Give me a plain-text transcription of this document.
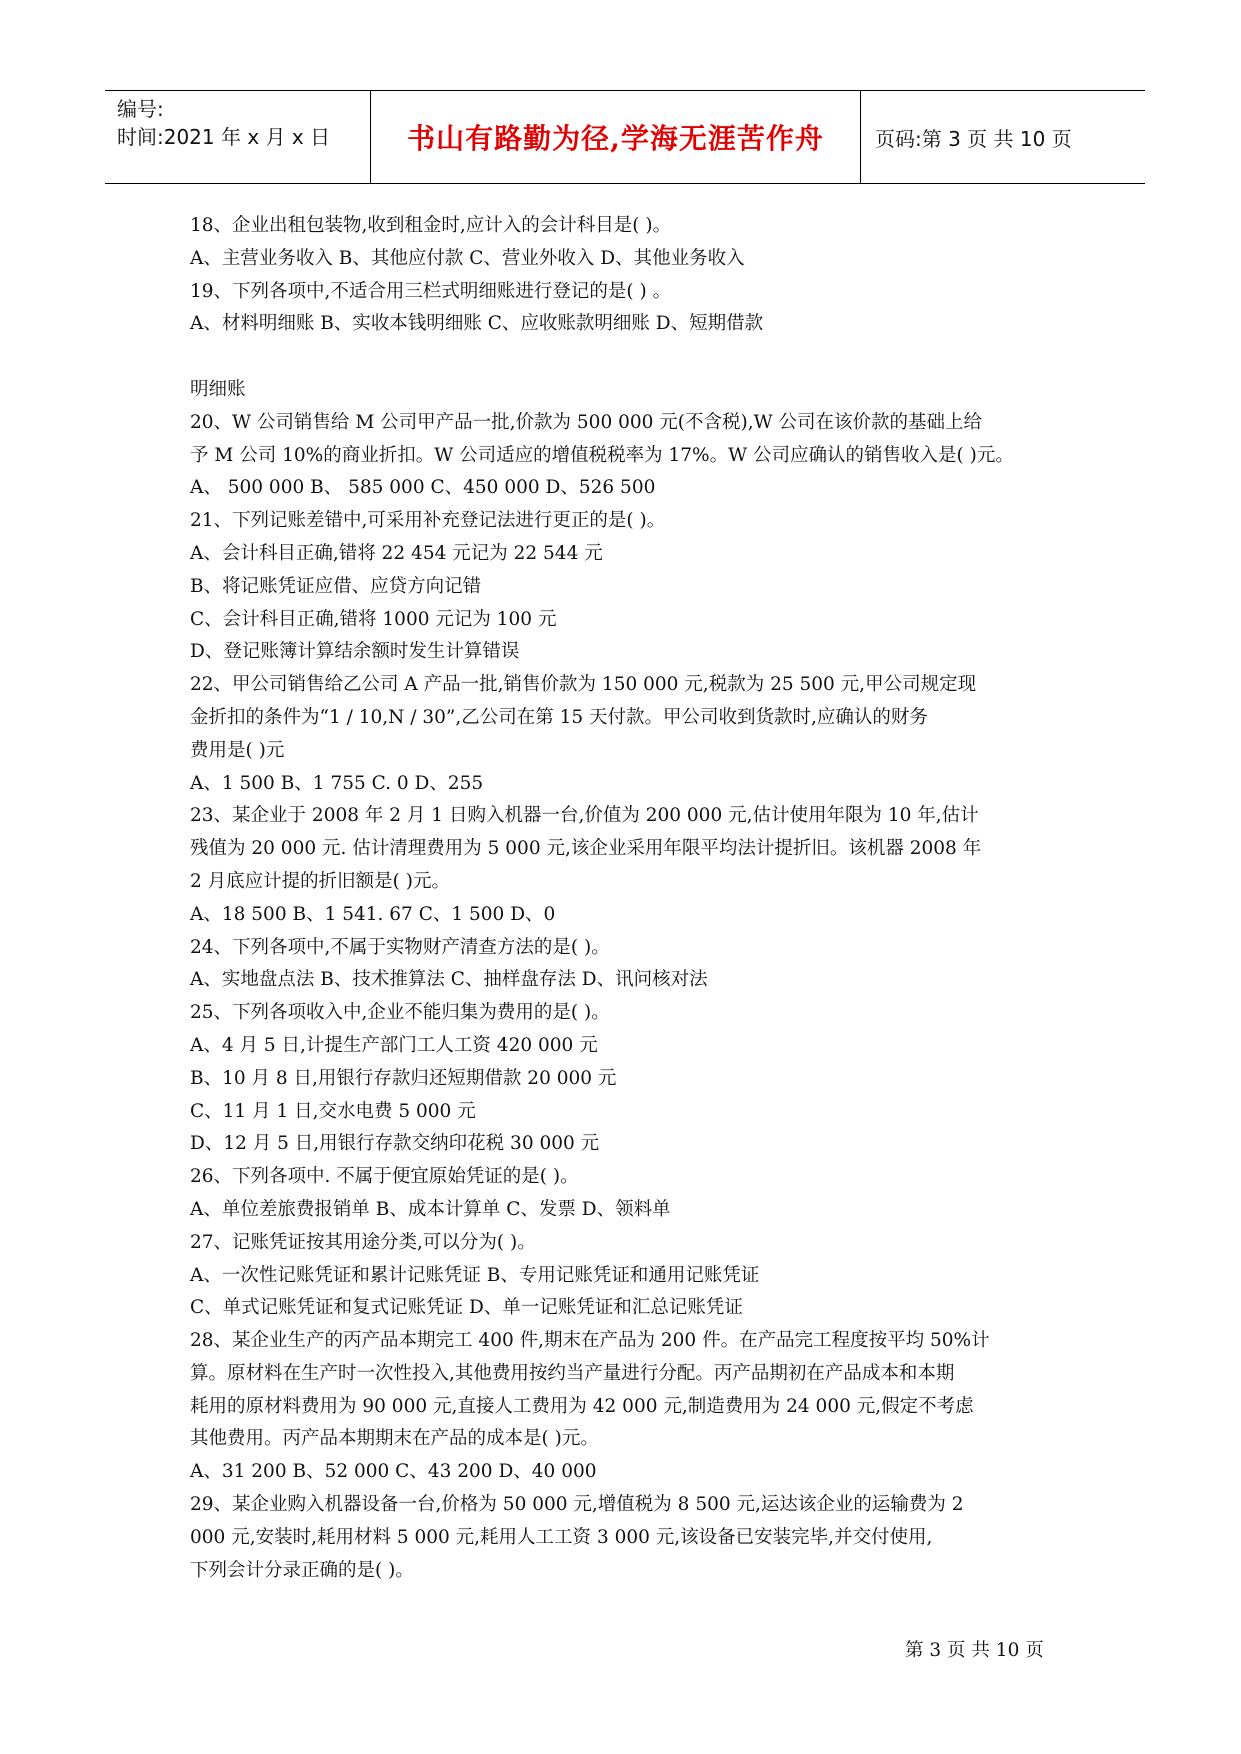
编号:
时间:2021 年 x 月 x 日	书山有路勤为径,学海无涯苦作舟	页码:第 3 页 共 10 页
18、企业出租包装物,收到租金时,应计入的会计科目是( )。
A、主营业务收入 B、其他应付款 C、营业外收入 D、其他业务收入
19、下列各项中,不适合用三栏式明细账进行登记的是( ) 。
A、材料明细账 B、实收本钱明细账 C、应收账款明细账 D、短期借款
明细账
20、W 公司销售给 M 公司甲产品一批,价款为 500 000 元(不含税),W 公司在该价款的基础上给
予 M 公司 10%的商业折扣。W 公司适应的增值税税率为 17%。W 公司应确认的销售收入是( )元。
A、 500 000 B、 585 000 C、450 000 D、526 500
21、下列记账差错中,可采用补充登记法进行更正的是( )。
A、会计科目正确,错将 22 454 元记为 22 544 元
B、将记账凭证应借、应贷方向记错
C、会计科目正确,错将 1000 元记为 100 元
D、登记账簿计算结余额时发生计算错误
22、甲公司销售给乙公司 A 产品一批,销售价款为 150 000 元,税款为 25 500 元,甲公司规定现
金折扣的条件为“1 / 10,N / 30”,乙公司在第 15 天付款。甲公司收到货款时,应确认的财务
费用是( )元
A、1 500 B、1 755 C. 0 D、255
23、某企业于 2008 年 2 月 1 日购入机器一台,价值为 200 000 元,估计使用年限为 10 年,估计
残值为 20 000 元. 估计清理费用为 5 000 元,该企业采用年限平均法计提折旧。该机器 2008 年
2 月底应计提的折旧额是( )元。
A、18 500 B、1 541. 67 C、1 500 D、0
24、下列各项中,不属于实物财产清查方法的是( )。
A、实地盘点法 B、技术推算法 C、抽样盘存法 D、讯问核对法
25、下列各项收入中,企业不能归集为费用的是( )。
A、4 月 5 日,计提生产部门工人工资 420 000 元
B、10 月 8 日,用银行存款归还短期借款 20 000 元
C、11 月 1 日,交水电费 5 000 元
D、12 月 5 日,用银行存款交纳印花税 30 000 元
26、下列各项中. 不属于便宜原始凭证的是( )。
A、单位差旅费报销单 B、成本计算单 C、发票 D、领料单
27、记账凭证按其用途分类,可以分为( )。
A、一次性记账凭证和累计记账凭证 B、专用记账凭证和通用记账凭证
C、单式记账凭证和复式记账凭证 D、单一记账凭证和汇总记账凭证
28、某企业生产的丙产品本期完工 400 件,期末在产品为 200 件。在产品完工程度按平均 50%计
算。原材料在生产时一次性投入,其他费用按约当产量进行分配。丙产品期初在产品成本和本期
耗用的原材料费用为 90 000 元,直接人工费用为 42 000 元,制造费用为 24 000 元,假定不考虑
其他费用。丙产品本期期末在产品的成本是( )元。
A、31 200 B、52 000 C、43 200 D、40 000
29、某企业购入机器设备一台,价格为 50 000 元,增值税为 8 500 元,运达该企业的运输费为 2
000 元,安装时,耗用材料 5 000 元,耗用人工工资 3 000 元,该设备已安装完毕,并交付使用,
下列会计分录正确的是( )。
第 3 页 共 10 页
